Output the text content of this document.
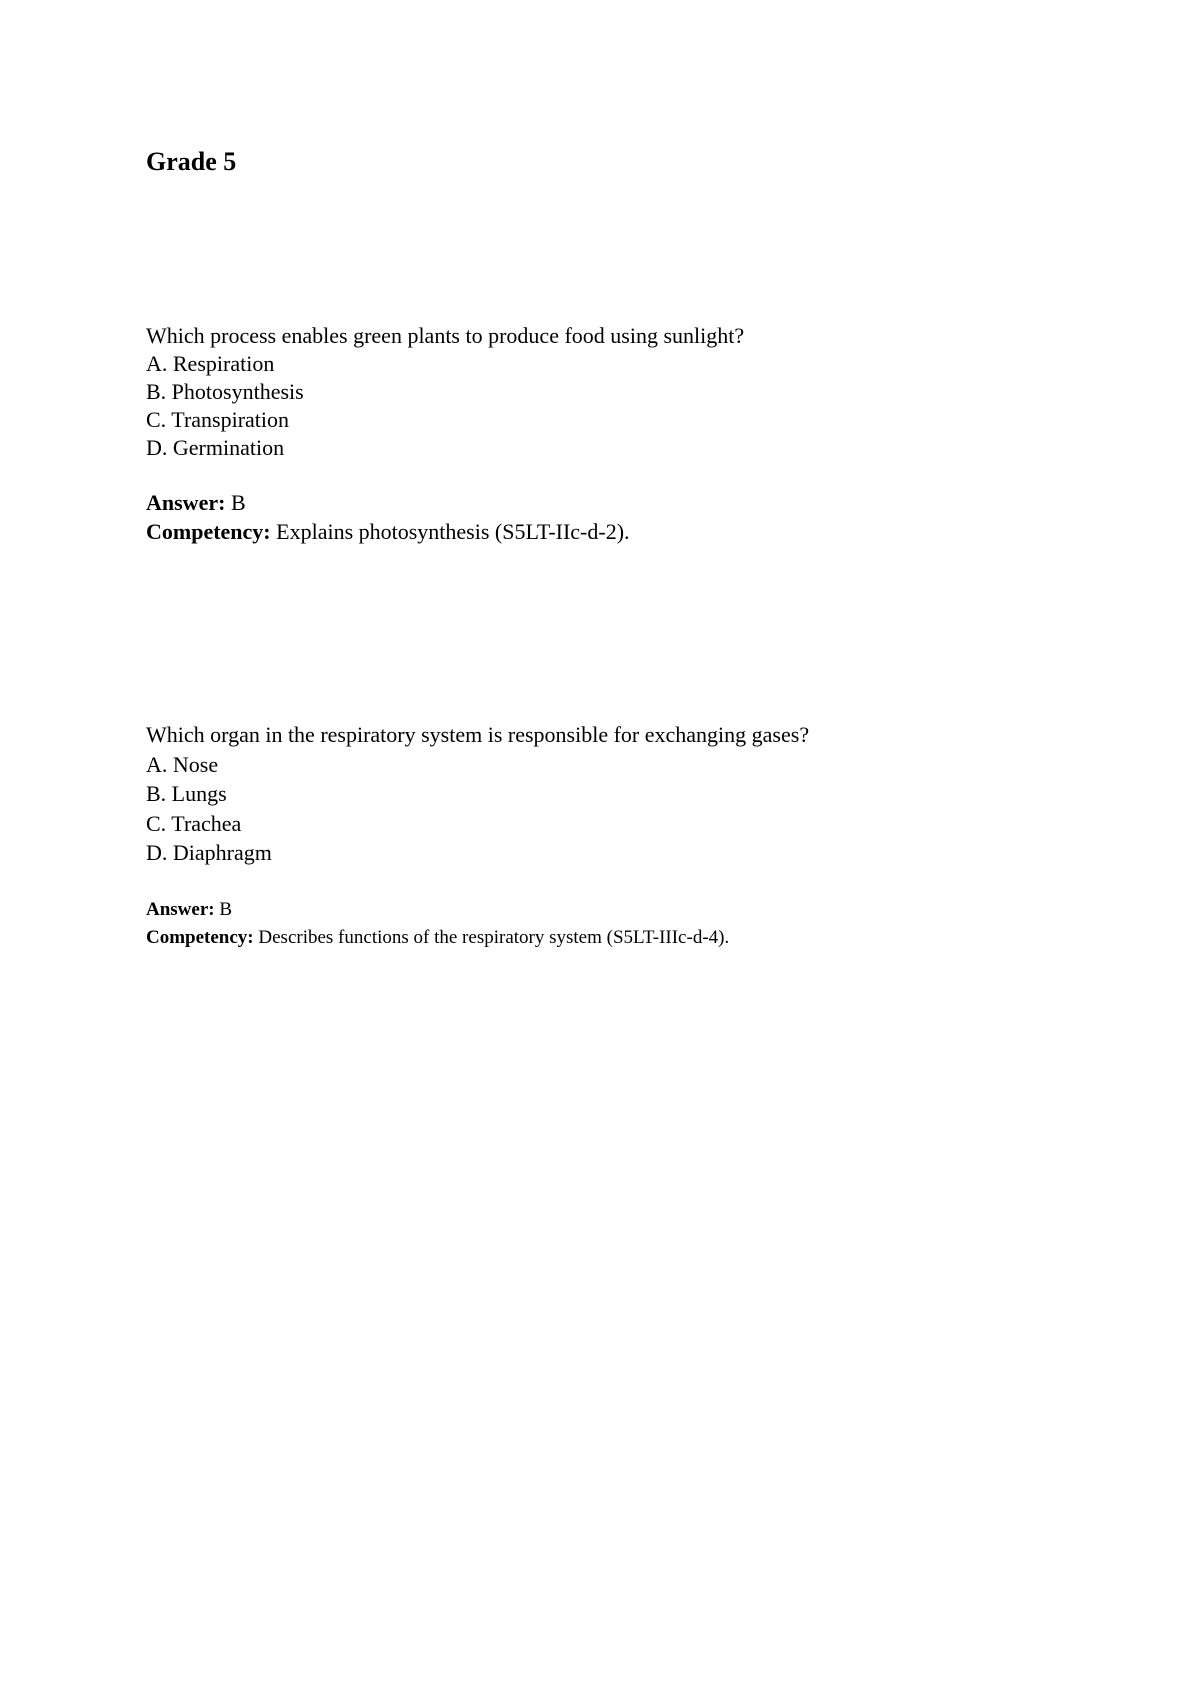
Grade 5
Which process enables green plants to produce food using sunlight?
A. Respiration
B. Photosynthesis
C. Transpiration
D. Germination
Answer: B
Competency: Explains photosynthesis (S5LT-IIc-d-2).
Which organ in the respiratory system is responsible for exchanging gases?
A. Nose
B. Lungs
C. Trachea
D. Diaphragm
Answer: B
Competency: Describes functions of the respiratory system (S5LT-IIIc-d-4).
